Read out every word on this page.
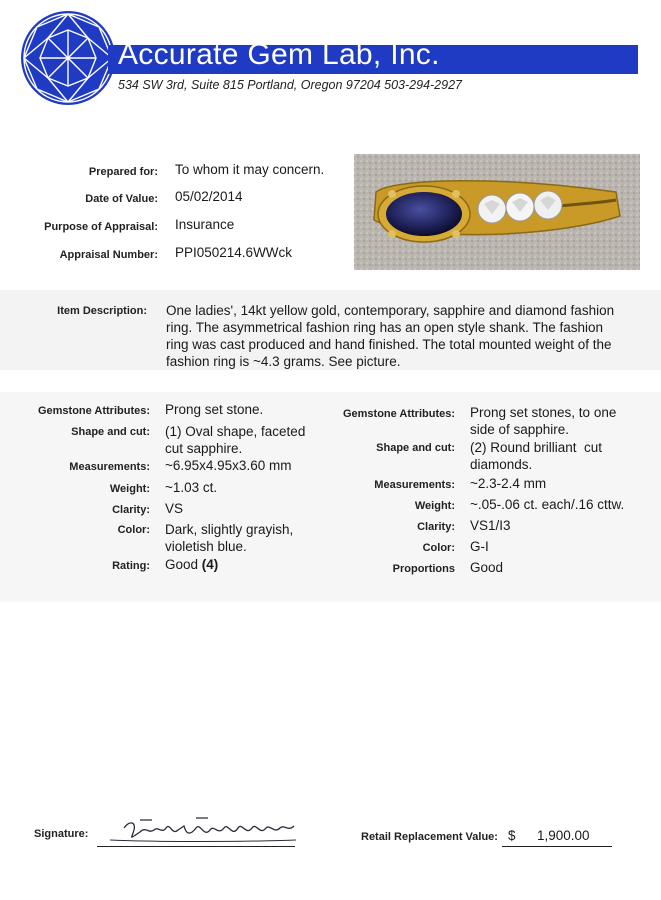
Accurate Gem Lab, Inc.
534 SW 3rd, Suite 815 Portland, Oregon 97204 503-294-2927
Prepared for: To whom it may concern.
Date of Value: 05/02/2014
Purpose of Appraisal: Insurance
Appraisal Number: PPI050214.6WWck
Item Description: One ladies', 14kt yellow gold, contemporary, sapphire and diamond fashion
ring. The asymmetrical fashion ring has an open style shank. The fashion
ring was cast produced and hand finished. The total mounted weight of the
fashion ring is ~4.3 grams. See picture.
Gemstone Attributes: Prong set stone.
Shape and cut: (1) Oval shape, faceted
cut sapphire.
Measurements: ~6.95x4.95x3.60 mm
Weight: ~1.03 ct.
Clarity: VS
Color: Dark, slightly grayish,
violetish blue.
Rating: Good (4)
Gemstone Attributes: Prong set stones, to one
side of sapphire.
Shape and cut: (2) Round brilliant  cut
diamonds.
Measurements: ~2.3-2.4 mm
Weight: ~.05-.06 ct. each/.16 cttw.
Clarity: VS1/I3
Color: G-I
Proportions Good
Signature:	Retail Replacement Value: $ 1,900.00
